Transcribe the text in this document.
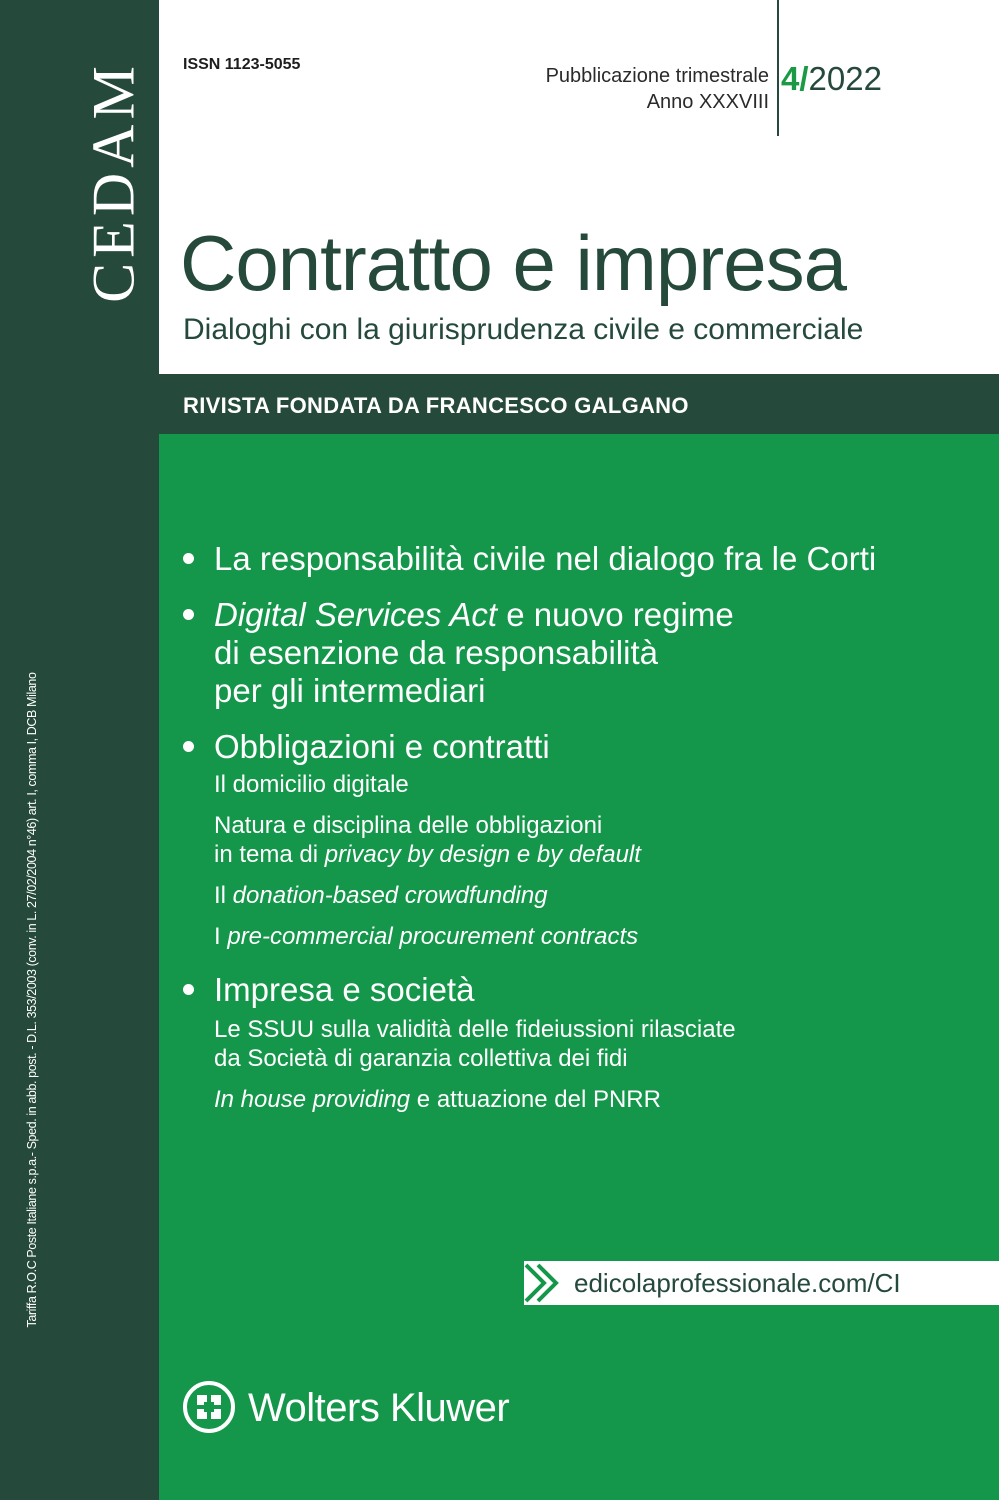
CEDAM
Tariffa R.O.C Poste Italiane s.p.a.- Sped. in abb. post. - D.L. 353/2003 (conv. in L. 27/02/2004 n°46) art. I, comma I, DCB Milano
ISSN 1123-5055
Pubblicazione trimestrale
Anno XXXVIII
4/2022
Contratto e impresa
Dialoghi con la giurisprudenza civile e commerciale
RIVISTA FONDATA DA FRANCESCO GALGANO
La responsabilità civile nel dialogo fra le Corti
Digital Services Act e nuovo regime
di esenzione da responsabilità
per gli intermediari
Obbligazioni e contratti
Il domicilio digitale
Natura e disciplina delle obbligazioni
in tema di privacy by design e by default
Il donation-based crowdfunding
I pre-commercial procurement contracts
Impresa e società
Le SSUU sulla validità delle fideiussioni rilasciate
da Società di garanzia collettiva dei fidi
In house providing e attuazione del PNRR
edicolaprofessionale.com/CI
Wolters Kluwer
